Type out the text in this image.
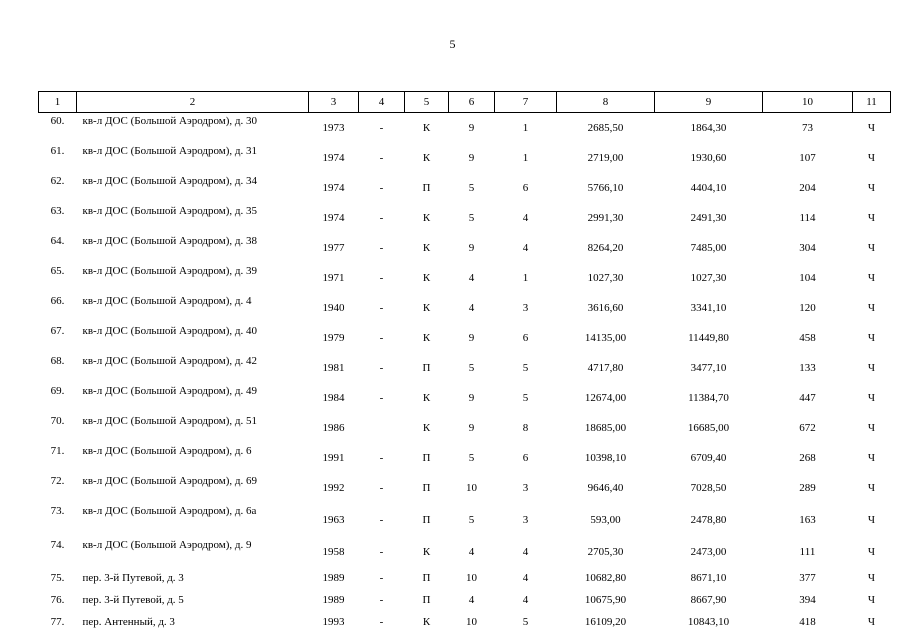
5
1	2	3	4	5	6	7	8	9	10	11
60.	кв-л ДОС (Большой Аэродром), д. 30	1973	-	К	9	1	2685,50	1864,30	73	Ч
61.	кв-л ДОС (Большой Аэродром), д. 31	1974	-	К	9	1	2719,00	1930,60	107	Ч
62.	кв-л ДОС (Большой Аэродром), д. 34	1974	-	П	5	6	5766,10	4404,10	204	Ч
63.	кв-л ДОС (Большой Аэродром), д. 35	1974	-	К	5	4	2991,30	2491,30	114	Ч
64.	кв-л ДОС (Большой Аэродром), д. 38	1977	-	К	9	4	8264,20	7485,00	304	Ч
65.	кв-л ДОС (Большой Аэродром), д. 39	1971	-	К	4	1	1027,30	1027,30	104	Ч
66.	кв-л ДОС (Большой Аэродром), д. 4	1940	-	К	4	3	3616,60	3341,10	120	Ч
67.	кв-л ДОС (Большой Аэродром), д. 40	1979	-	К	9	6	14135,00	11449,80	458	Ч
68.	кв-л ДОС (Большой Аэродром), д. 42	1981	-	П	5	5	4717,80	3477,10	133	Ч
69.	кв-л ДОС (Большой Аэродром), д. 49	1984	-	К	9	5	12674,00	11384,70	447	Ч
70.	кв-л ДОС (Большой Аэродром), д. 51	1986		К	9	8	18685,00	16685,00	672	Ч
71.	кв-л ДОС (Большой Аэродром), д. 6	1991	-	П	5	6	10398,10	6709,40	268	Ч
72.	кв-л ДОС (Большой Аэродром), д. 69	1992	-	П	10	3	9646,40	7028,50	289	Ч
73.	кв-л ДОС (Большой Аэродром), д. 6а	1963	-	П	5	3	593,00	2478,80	163	Ч
74.	кв-л ДОС (Большой Аэродром), д. 9	1958	-	К	4	4	2705,30	2473,00	111	Ч
75.	пер. 3-й Путевой, д. 3	1989	-	П	10	4	10682,80	8671,10	377	Ч
76.	пер. 3-й Путевой, д. 5	1989	-	П	4	4	10675,90	8667,90	394	Ч
77.	пер. Антенный, д. 3	1993	-	К	10	5	16109,20	10843,10	418	Ч
